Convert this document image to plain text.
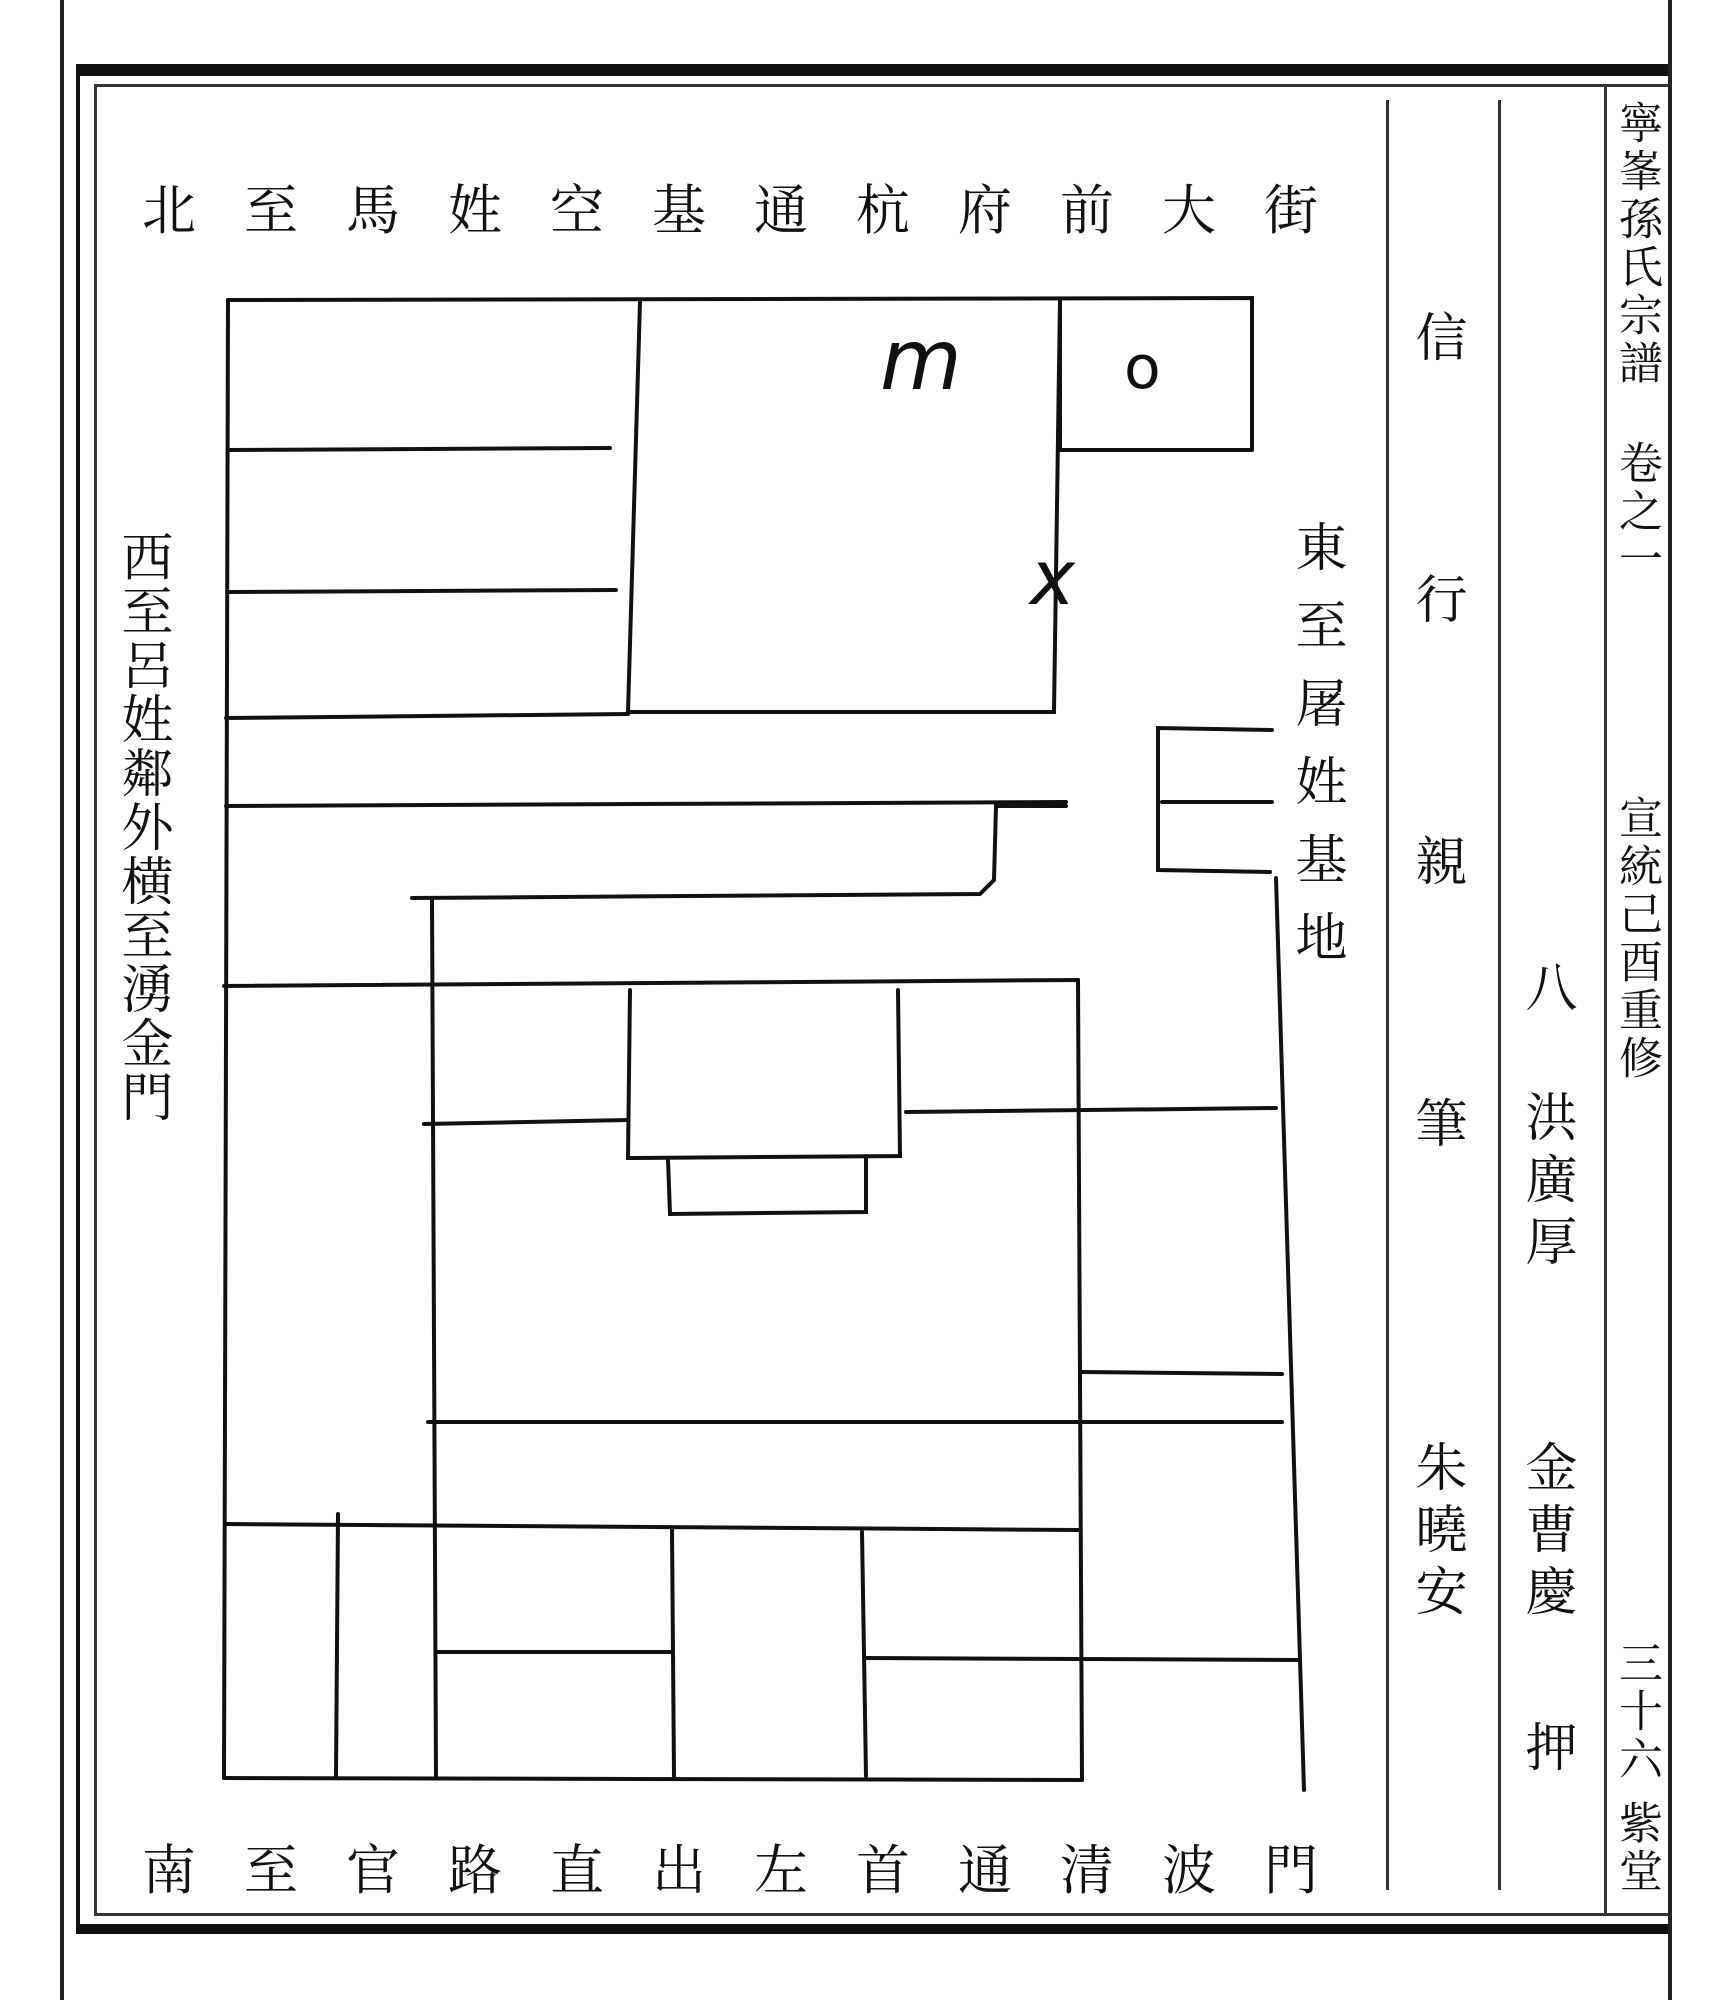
寧峯孫氏宗譜
卷之一
宣統己酉重修
三十六
紫堂
八
洪廣厚
金曹慶
押
信行親筆
朱曉安
北至馬姓空基通杭府前大街
南至官路直出左首通清波門
東至屠姓基地
西至呂姓鄰外横至湧金門
m	o
x
